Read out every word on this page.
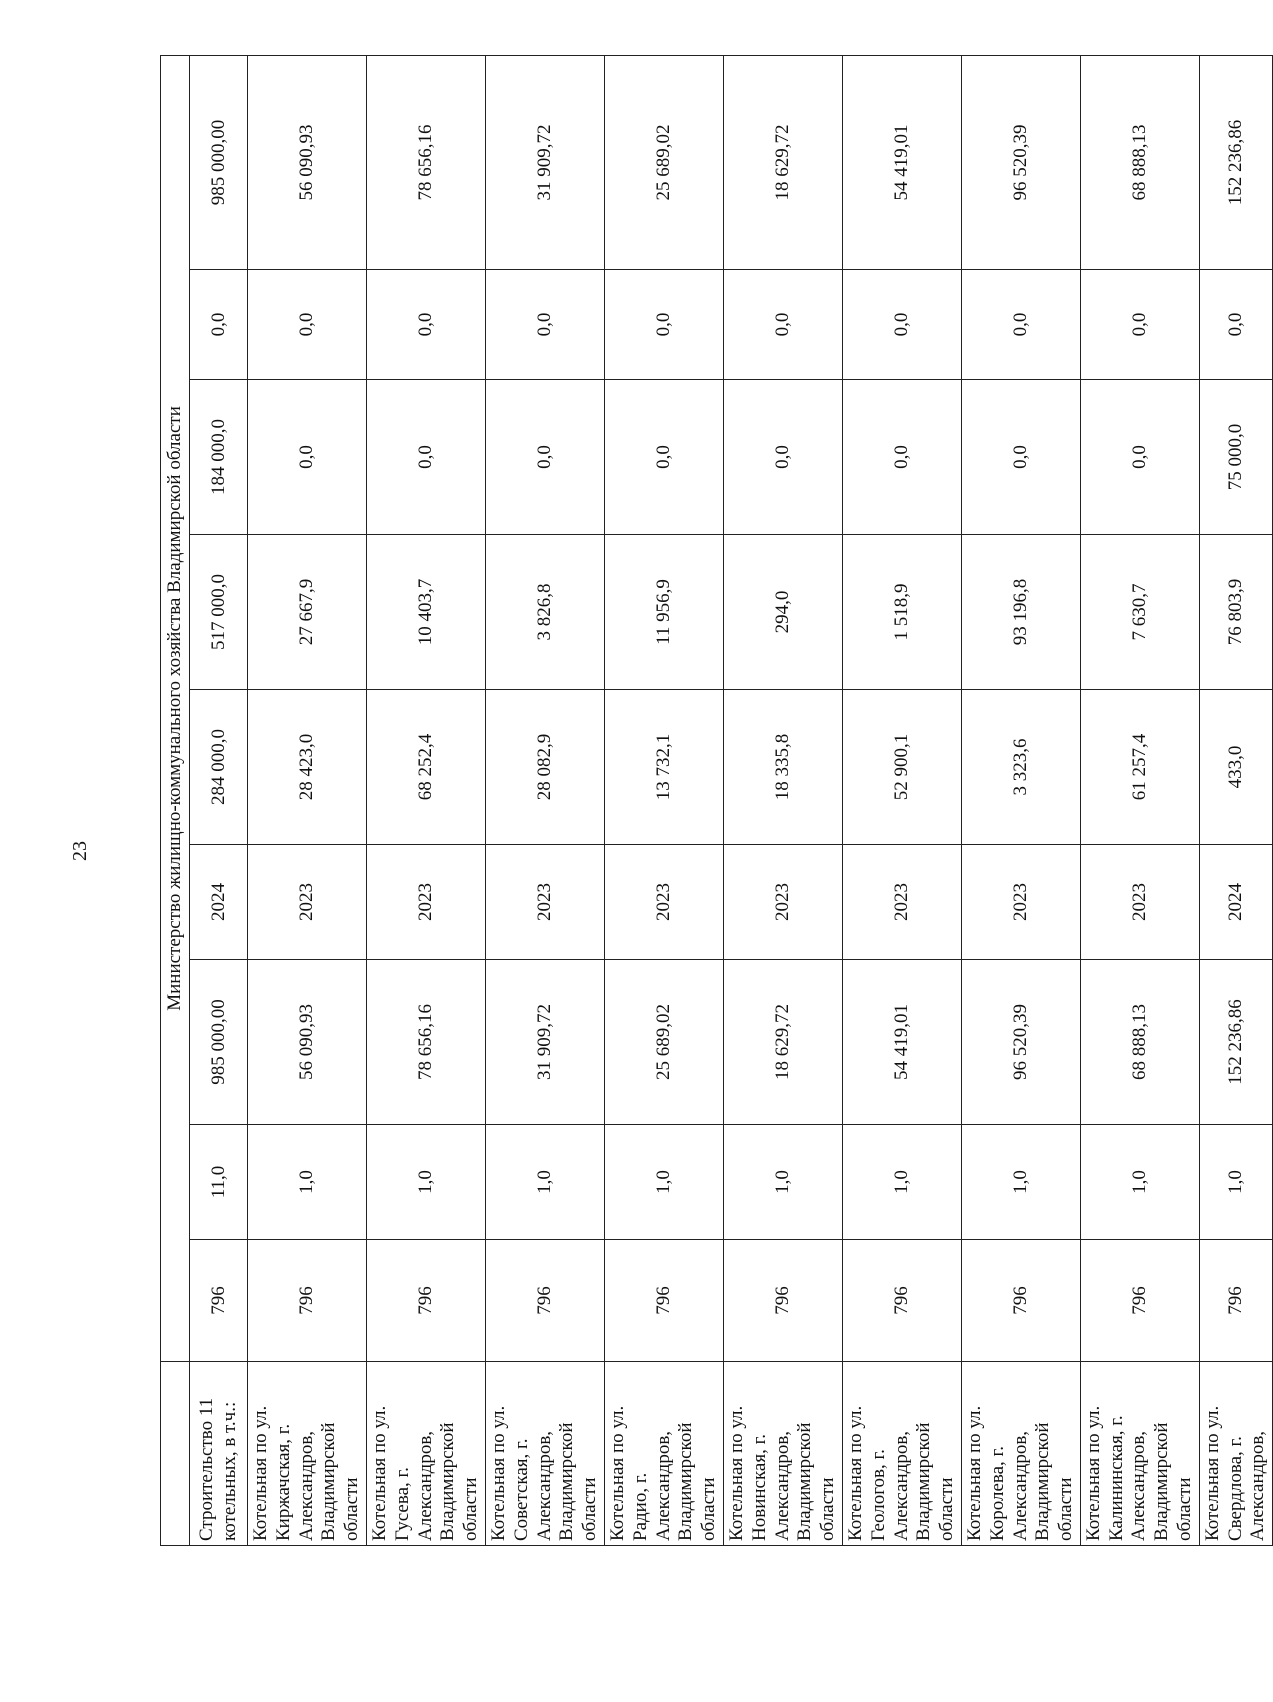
23
		Министерство жилищно-коммунального хозяйства Владимирской области								
Строительство 11 котельных, в т.ч.:	796	11,0	985 000,00	2024	284 000,0	517 000,0	184 000,0	0,0	985 000,00
Котельная по ул. Киржачская, г. Александров, Владимирской области	796	1,0	56 090,93	2023	28 423,0	27 667,9	0,0	0,0	56 090,93
Котельная по ул. Гусева, г. Александров, Владимирской области	796	1,0	78 656,16	2023	68 252,4	10 403,7	0,0	0,0	78 656,16
Котельная по ул. Советская, г. Александров, Владимирской области	796	1,0	31 909,72	2023	28 082,9	3 826,8	0,0	0,0	31 909,72
Котельная по ул. Радио, г. Александров, Владимирской области	796	1,0	25 689,02	2023	13 732,1	11 956,9	0,0	0,0	25 689,02
Котельная по ул. Новинская, г. Александров, Владимирской области	796	1,0	18 629,72	2023	18 335,8	294,0	0,0	0,0	18 629,72
Котельная по ул. Геологов, г. Александров, Владимирской области	796	1,0	54 419,01	2023	52 900,1	1 518,9	0,0	0,0	54 419,01
Котельная по ул. Королева, г. Александров, Владимирской области	796	1,0	96 520,39	2023	3 323,6	93 196,8	0,0	0,0	96 520,39
Котельная по ул. Калининская, г. Александров, Владимирской области	796	1,0	68 888,13	2023	61 257,4	7 630,7	0,0	0,0	68 888,13
Котельная по ул. Свердлова, г. Александров,	796	1,0	152 236,86	2024	433,0	76 803,9	75 000,0	0,0	152 236,86
